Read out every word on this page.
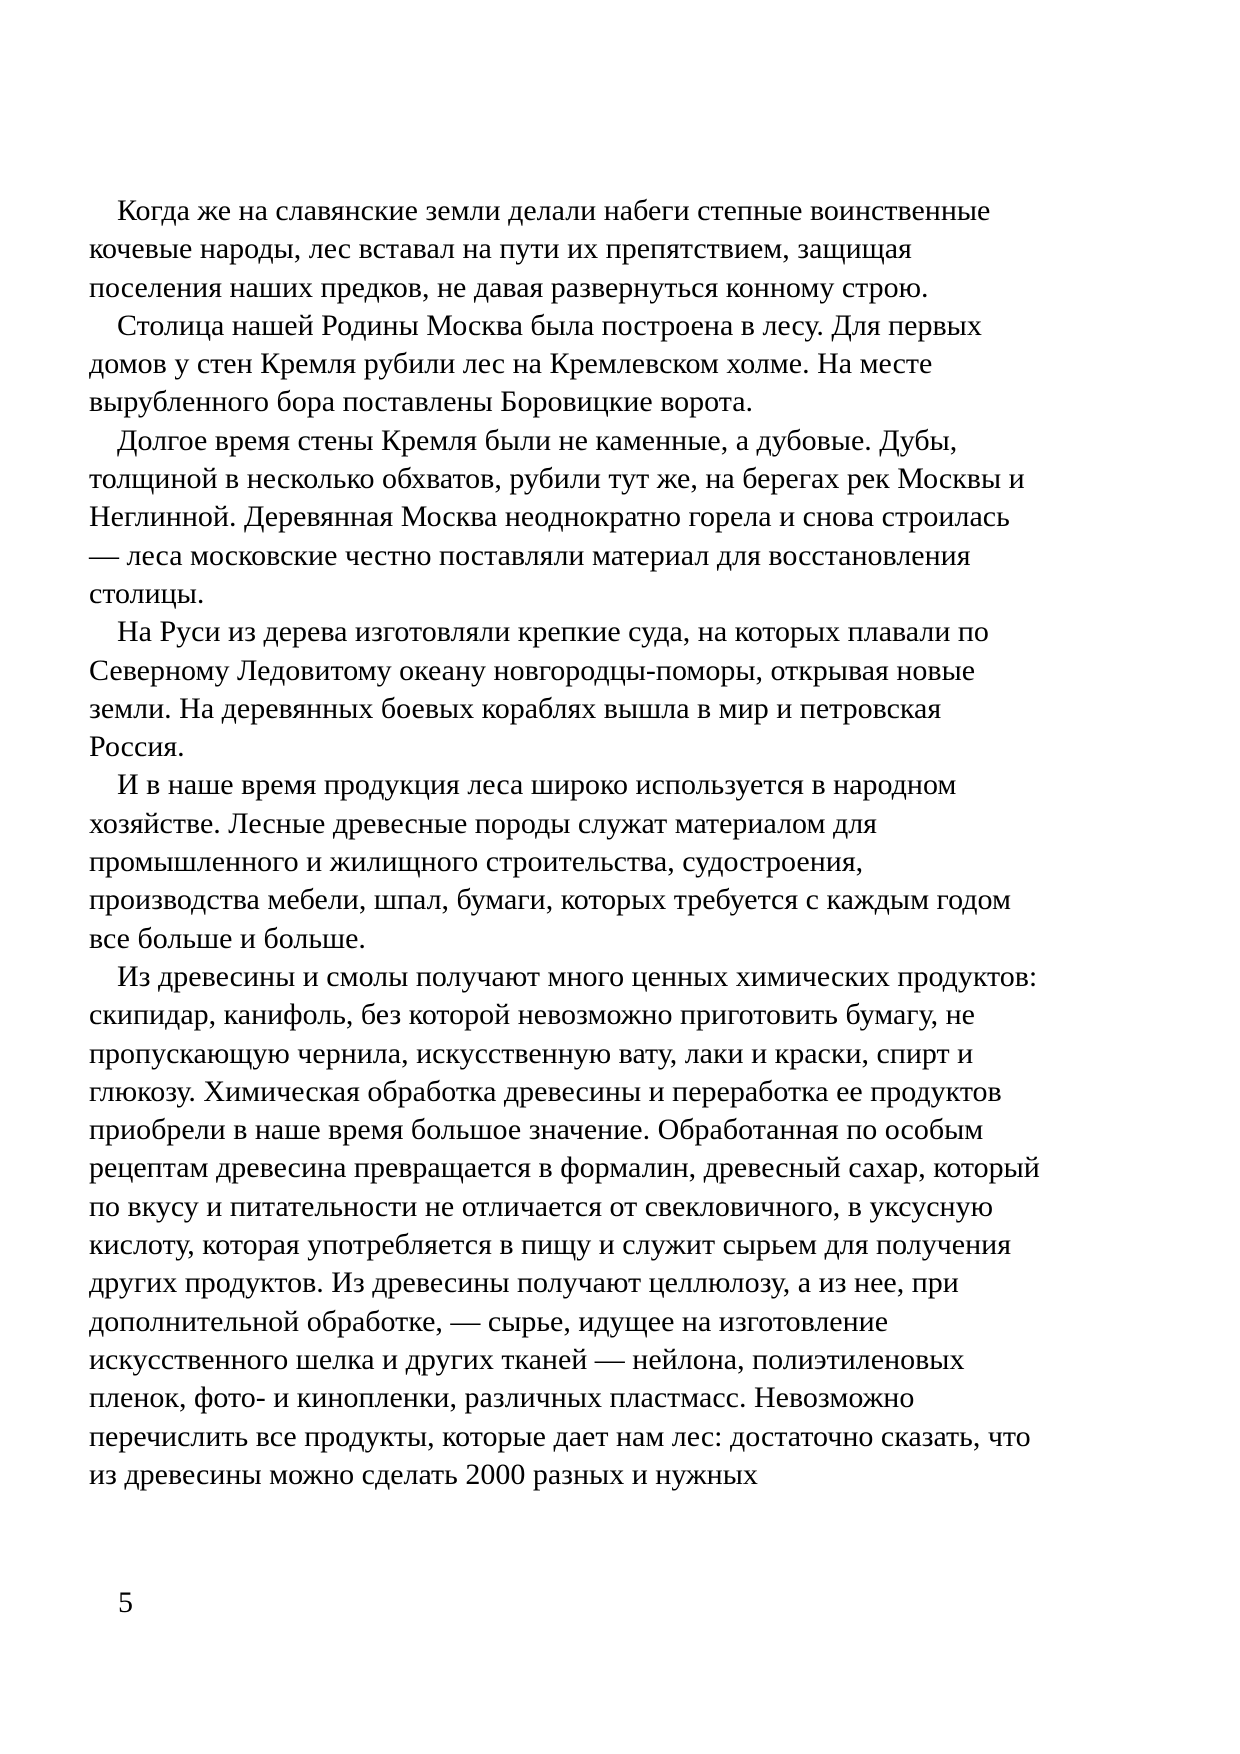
Когда же на славянские земли делали набеги степные воинственные
кочевые народы, лес вставал на пути их препятствием, защищая
поселения наших предков, не давая развернуться конному строю.
Столица нашей Родины Москва была построена в лесу. Для первых
домов у стен Кремля рубили лес на Кремлевском холме. На месте
вырубленного бора поставлены Боровицкие ворота.
Долгое время стены Кремля были не каменные, а дубовые. Дубы,
толщиной в несколько обхватов, рубили тут же, на берегах рек Москвы и
Неглинной. Деревянная Москва неоднократно горела и снова строилась
— леса московские честно поставляли материал для восстановления
столицы.
На Руси из дерева изготовляли крепкие суда, на которых плавали по
Северному Ледовитому океану новгородцы-поморы, открывая новые
земли. На деревянных боевых кораблях вышла в мир и петровская
Россия.
И в наше время продукция леса широко используется в народном
хозяйстве. Лесные древесные породы служат материалом для
промышленного и жилищного строительства, судостроения,
производства мебели, шпал, бумаги, которых требуется с каждым годом
все больше и больше.
Из древесины и смолы получают много ценных химических продуктов:
скипидар, канифоль, без которой невозможно приготовить бумагу, не
пропускающую чернила, искусственную вату, лаки и краски, спирт и
глюкозу. Химическая обработка древесины и переработка ее продуктов
приобрели в наше время большое значение. Обработанная по особым
рецептам древесина превращается в формалин, древесный сахар, который
по вкусу и питательности не отличается от свекловичного, в уксусную
кислоту, которая употребляется в пищу и служит сырьем для получения
других продуктов. Из древесины получают целлюлозу, а из нее, при
дополнительной обработке, — сырье, идущее на изготовление
искусственного шелка и других тканей — нейлона, полиэтиленовых
пленок, фото- и кинопленки, различных пластмасс. Невозможно
перечислить все продукты, которые дает нам лес: достаточно сказать, что
из древесины можно сделать 2000 разных и нужных
5
